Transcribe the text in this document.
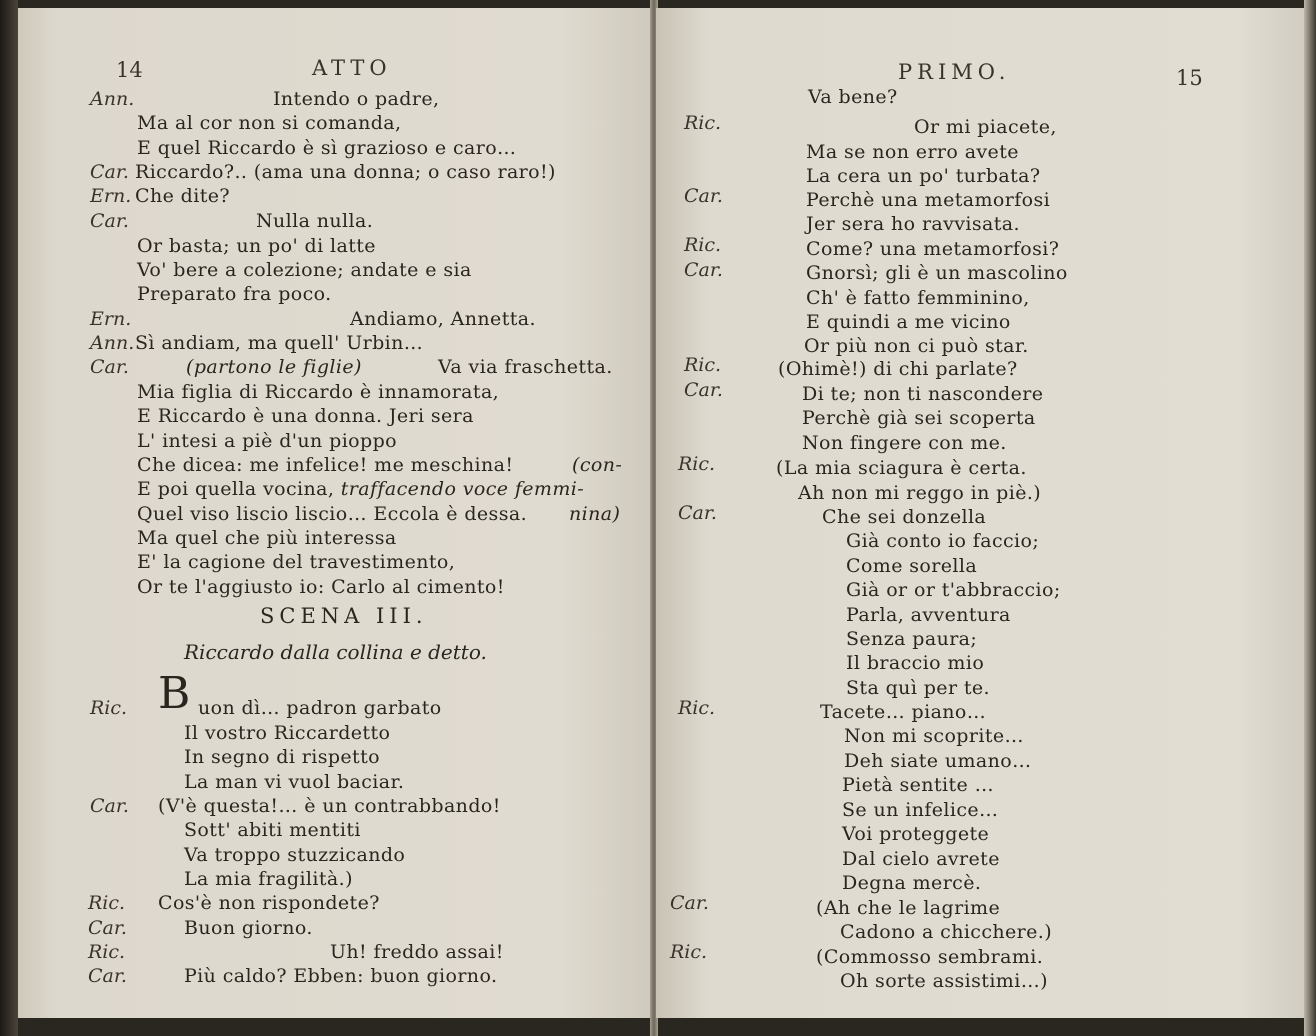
14	ATTO
Ann.	Intendo o padre,
Ma al cor non si comanda,
E quel Riccardo è sì grazioso e caro…
Car. Riccardo?.. (ama una donna; o caso raro!)
Ern. Che dite?
Car.	Nulla nulla.
Or basta; un po' di latte
Vo' bere a colezione; andate e sia
Preparato fra poco.
Ern.	Andiamo, Annetta.
Ann. Sì andiam, ma quell' Urbin…
Car.	(partono le figlie)	Va via fraschetta.
Mia figlia di Riccardo è innamorata,
E Riccardo è una donna. Jeri sera
L' intesi a piè d'un pioppo
Che dicea: me infelice! me meschina!	(con-
E poi quella vocina, traffacendo voce femmi-
Quel viso liscio liscio… Eccola è dessa. nina)
Ma quel che più interessa
E' la cagione del travestimento,
Or te l'aggiusto io: Carlo al cimento!
SCENA III.
Riccardo dalla collina e detto.
Ric. B uon dì… padron garbato
Il vostro Riccardetto
In segno di rispetto
La man vi vuol baciar.
Car. (V'è questa!… è un contrabbando!
Sott' abiti mentiti
Va troppo stuzzicando
La mia fragilità.)
Ric. Cos'è non rispondete?
Car.	Buon giorno.
Ric.	Uh! freddo assai!
Car.	Più caldo? Ebben: buon giorno.
PRIMO.	15
Va bene?
Ric.	Or mi piacete,
Ma se non erro avete
La cera un po' turbata?
Car.	Perchè una metamorfosi
Jer sera ho ravvisata.
Ric.	Come? una metamorfosi?
Car.	Gnorsì; gli è un mascolino
Ch' è fatto femminino,
E quindi a me vicino
Or più non ci può star.
Ric.	(Ohimè!) di chi parlate?
Car.	Di te; non ti nascondere
Perchè già sei scoperta
Non fingere con me.
Ric.	(La mia sciagura è certa.
Ah non mi reggo in piè.)
Car.	Che sei donzella
Già conto io faccio;
Come sorella
Già or or t'abbraccio;
Parla, avventura
Senza paura;
Il braccio mio
Sta quì per te.
Ric.	Tacete… piano…
Non mi scoprite…
Deh siate umano…
Pietà sentite …
Se un infelice…
Voi proteggete
Dal cielo avrete
Degna mercè.
Car.	(Ah che le lagrime
Cadono a chicchere.)
Ric.	(Commosso sembrami.
Oh sorte assistimi…)
